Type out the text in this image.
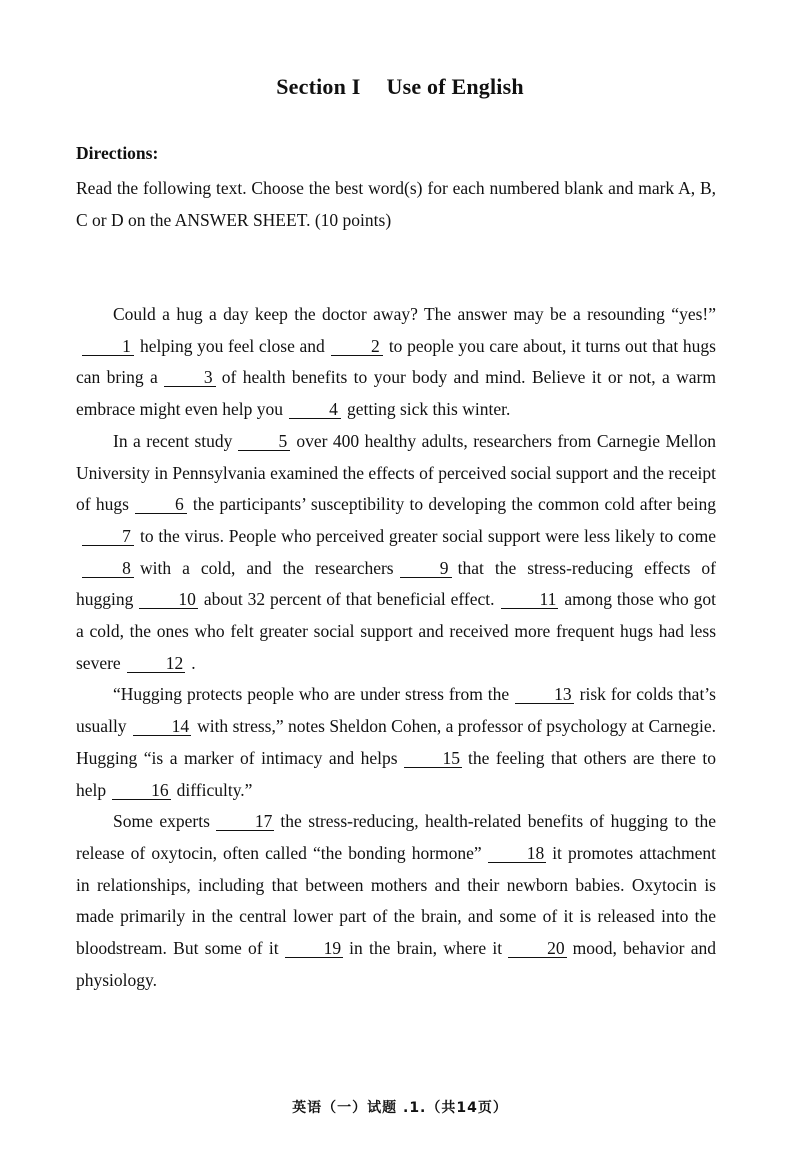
Section I Use of English
Directions:
Read the following text. Choose the best word(s) for each numbered blank and mark A, B, C or D on the ANSWER SHEET. (10 points)

Could a hug a day keep the doctor away? The answer may be a resounding “yes!”1 helping you feel close and	2 to people you care about, it turns out that hugs can bring a	3 of health benefits to your body and mind. Believe it or not, a warm embrace might even help you	4 getting sick this winter.

In a recent study	5 over 400 healthy adults, researchers from Carnegie Mellon University in Pennsylvania examined the effects of perceived social support and the receipt of hugs	6 the participants’ susceptibility to developing the common cold after being7 to the virus. People who perceived greater social support were less likely to come8 with a cold, and the researchers	9 that the stress-reducing effects of hugging	10 about 32 percent of that beneficial effect.	11 among those who got a cold, the ones who felt greater social support and received more frequent hugs had less severe	12 .

“Hugging protects people who are under stress from the	13 risk for colds that’s usually	14 with stress,” notes Sheldon Cohen, a professor of psychology at Carnegie. Hugging “is a marker of intimacy and helps	15 the feeling that others are there to help	16 difficulty.”

Some experts	17 the stress-reducing, health-related benefits of hugging to the release of oxytocin, often called “the bonding hormone”	18 it promotes attachment in relationships, including that between mothers and their newborn babies. Oxytocin is made primarily in the central lower part of the brain, and some of it is released into the bloodstream. But some of it	19 in the brain, where it	20 mood, behavior and physiology.

英语（一）试题 .1.（共14页）
